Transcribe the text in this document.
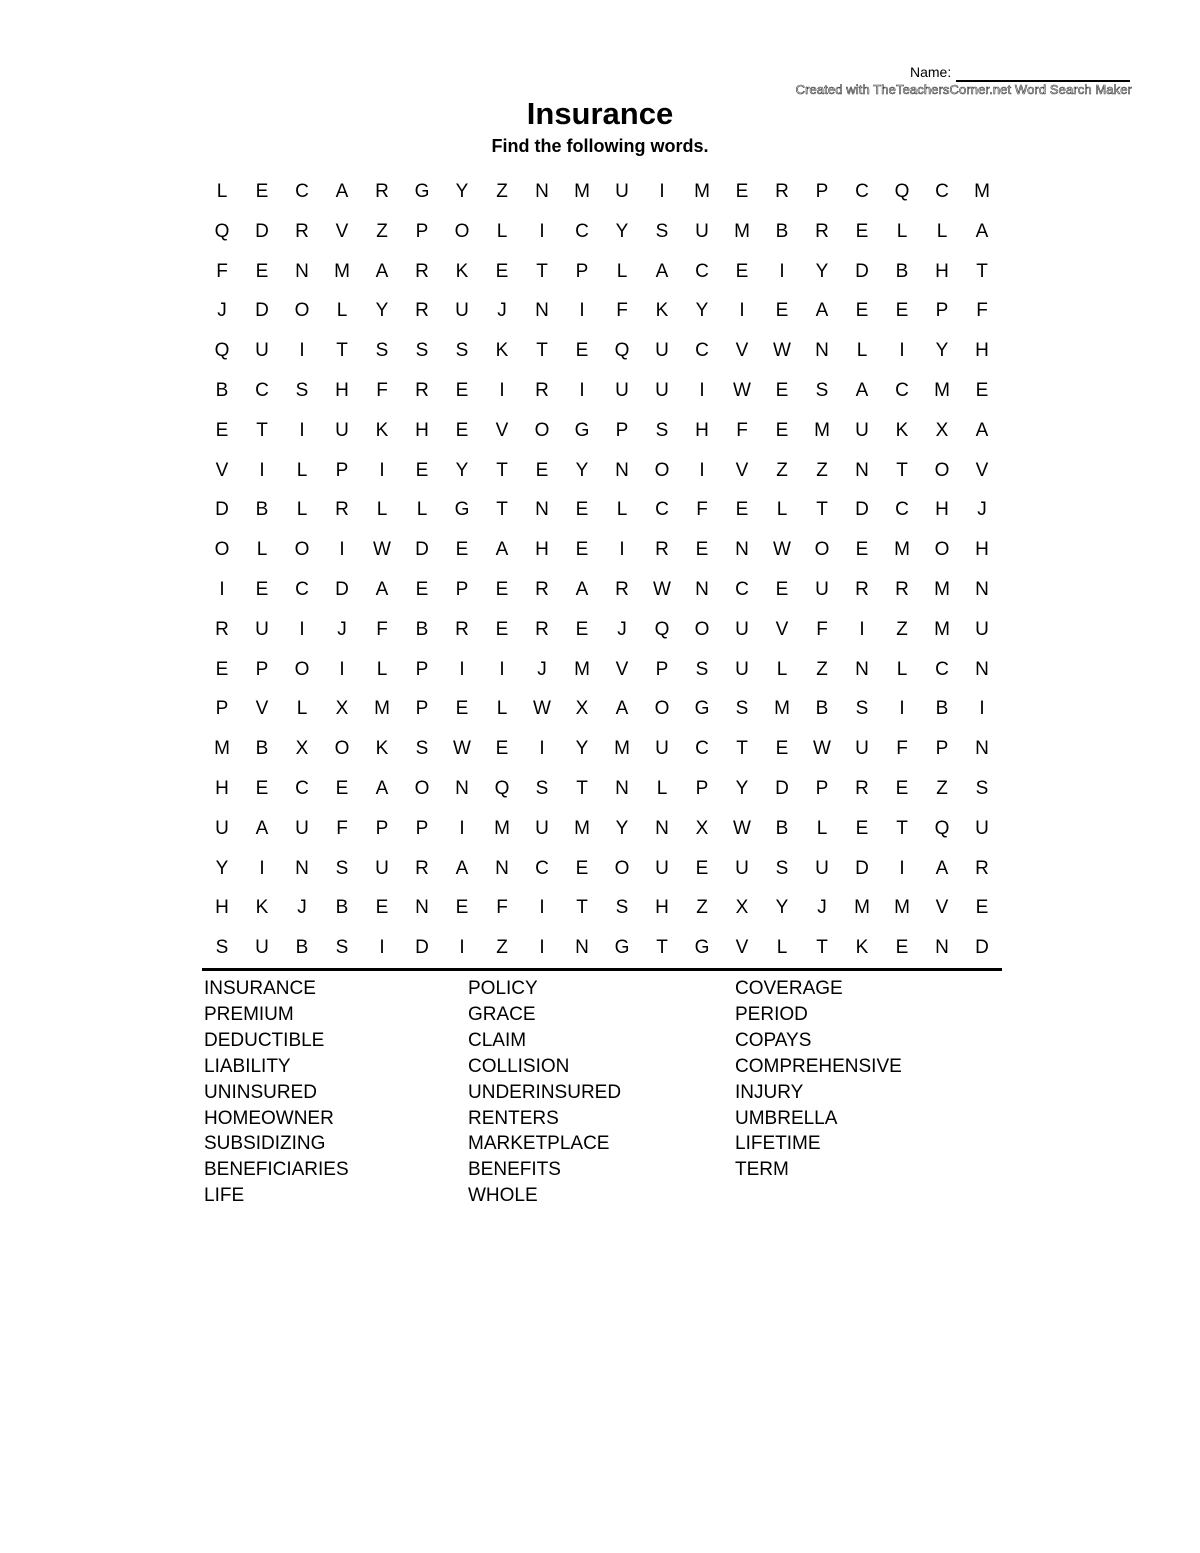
Name:
Created with TheTeachersCorner.net Word Search Maker
Insurance
Find the following words.
L	E	C	A	R	G	Y	Z	N	M	U	I	M	E	R	P	C	Q	C	M
Q	D	R	V	Z	P	O	L	I	C	Y	S	U	M	B	R	E	L	L	A
F	E	N	M	A	R	K	E	T	P	L	A	C	E	I	Y	D	B	H	T
J	D	O	L	Y	R	U	J	N	I	F	K	Y	I	E	A	E	E	P	F
Q	U	I	T	S	S	S	K	T	E	Q	U	C	V	W	N	L	I	Y	H
B	C	S	H	F	R	E	I	R	I	U	U	I	W	E	S	A	C	M	E
E	T	I	U	K	H	E	V	O	G	P	S	H	F	E	M	U	K	X	A
V	I	L	P	I	E	Y	T	E	Y	N	O	I	V	Z	Z	N	T	O	V
D	B	L	R	L	L	G	T	N	E	L	C	F	E	L	T	D	C	H	J
O	L	O	I	W	D	E	A	H	E	I	R	E	N	W	O	E	M	O	H
I	E	C	D	A	E	P	E	R	A	R	W	N	C	E	U	R	R	M	N
R	U	I	J	F	B	R	E	R	E	J	Q	O	U	V	F	I	Z	M	U
E	P	O	I	L	P	I	I	J	M	V	P	S	U	L	Z	N	L	C	N
P	V	L	X	M	P	E	L	W	X	A	O	G	S	M	B	S	I	B	I
M	B	X	O	K	S	W	E	I	Y	M	U	C	T	E	W	U	F	P	N
H	E	C	E	A	O	N	Q	S	T	N	L	P	Y	D	P	R	E	Z	S
U	A	U	F	P	P	I	M	U	M	Y	N	X	W	B	L	E	T	Q	U
Y	I	N	S	U	R	A	N	C	E	O	U	E	U	S	U	D	I	A	R
H	K	J	B	E	N	E	F	I	T	S	H	Z	X	Y	J	M	M	V	E
S	U	B	S	I	D	I	Z	I	N	G	T	G	V	L	T	K	E	N	D
INSURANCE
PREMIUM
DEDUCTIBLE
LIABILITY
UNINSURED
HOMEOWNER
SUBSIDIZING
BENEFICIARIES
LIFE
POLICY
GRACE
CLAIM
COLLISION
UNDERINSURED
RENTERS
MARKETPLACE
BENEFITS
WHOLE
COVERAGE
PERIOD
COPAYS
COMPREHENSIVE
INJURY
UMBRELLA
LIFETIME
TERM
